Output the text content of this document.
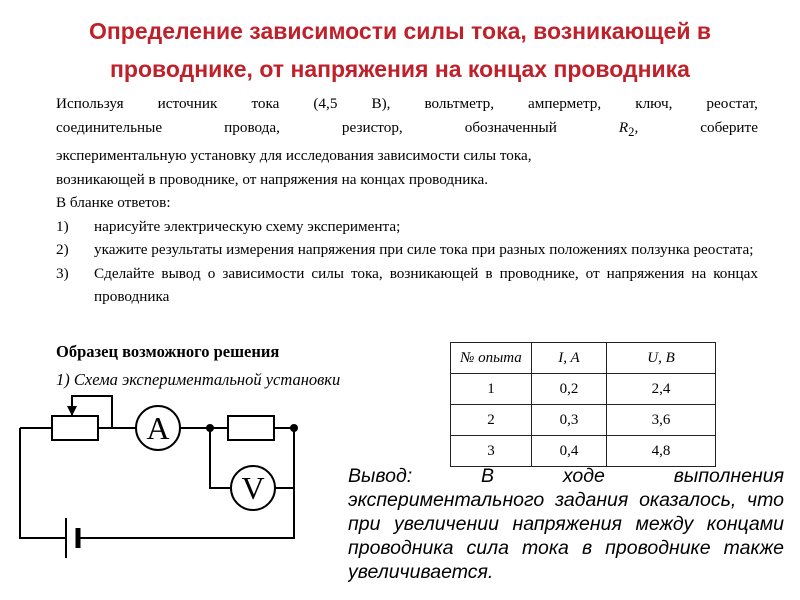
Определение зависимости силы тока, возникающей в
проводнике, от напряжения на концах проводника
Используя источник тока (4,5 В), вольтметр, амперметр, ключ, реостат,
соединительные	провода,	резистор,	обозначенный	$R_2$,	соберите
экспериментальную установку для исследования зависимости силы тока,
возникающей в проводнике, от напряжения на концах проводника.
В бланке ответов:
1)	нарисуйте электрическую схему эксперимента;
2)	укажите результаты измерения напряжения при силе тока при разных положениях ползунка реостата;
3)	Сделайте вывод о зависимости силы тока, возникающей в проводнике, от напряжения на концах проводника
Образец возможного решения
1) Схема экспериментальной установки
№ опыта	I, A	U, B
1	0,2	2,4
2	0,3	3,6
3	0,4	4,8
A
V	Вывод: В ходе выполнения экспериментального задания оказалось, что при увеличении напряжения между концами проводника сила тока в проводнике также увеличивается.
